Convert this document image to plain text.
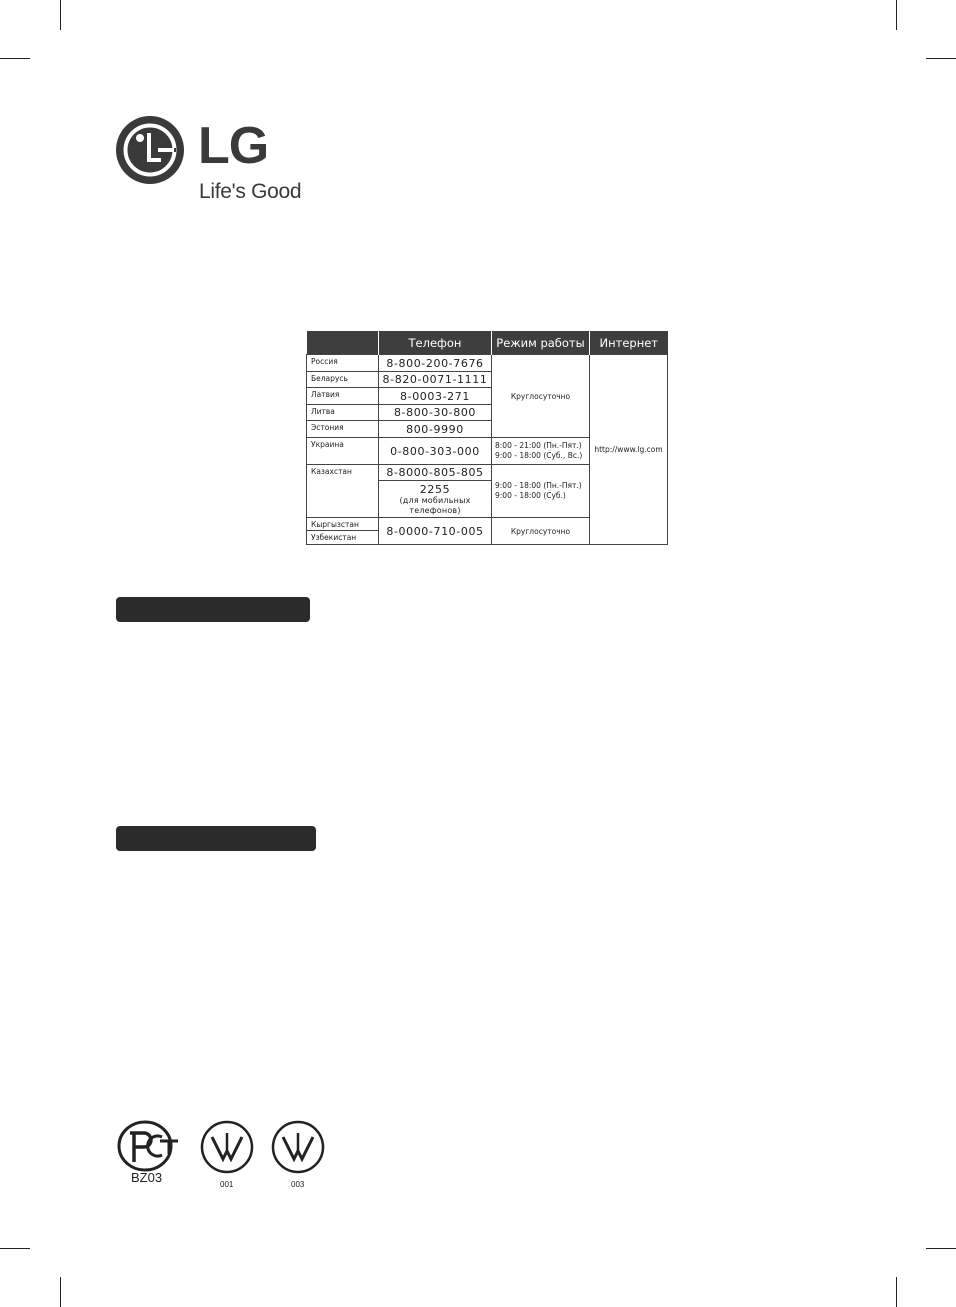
LG
Life's Good
	Телефон	Режим работы	Интернет
Россия	8-800-200-7676	Круглосуточно	http://www.lg.com
Беларусь	8-820-0071-1111		
Латвия	8-0003-271		
Литва	8-800-30-800		
Эстония	800-9990		
Украина	0-800-303-000	8:00 - 21:00 (Пн.-Пят.)
9:00 - 18:00 (Суб., Вс.)	
Казахстан	8-8000-805-805	9:00 - 18:00 (Пн.-Пят.)
9:00 - 18:00 (Суб.)	

	2255
(для мобильных
телефонов)		

Кыргызстан	8-0000-710-005	Круглосуточно	
Узбекистан			
BZ03	001	003
